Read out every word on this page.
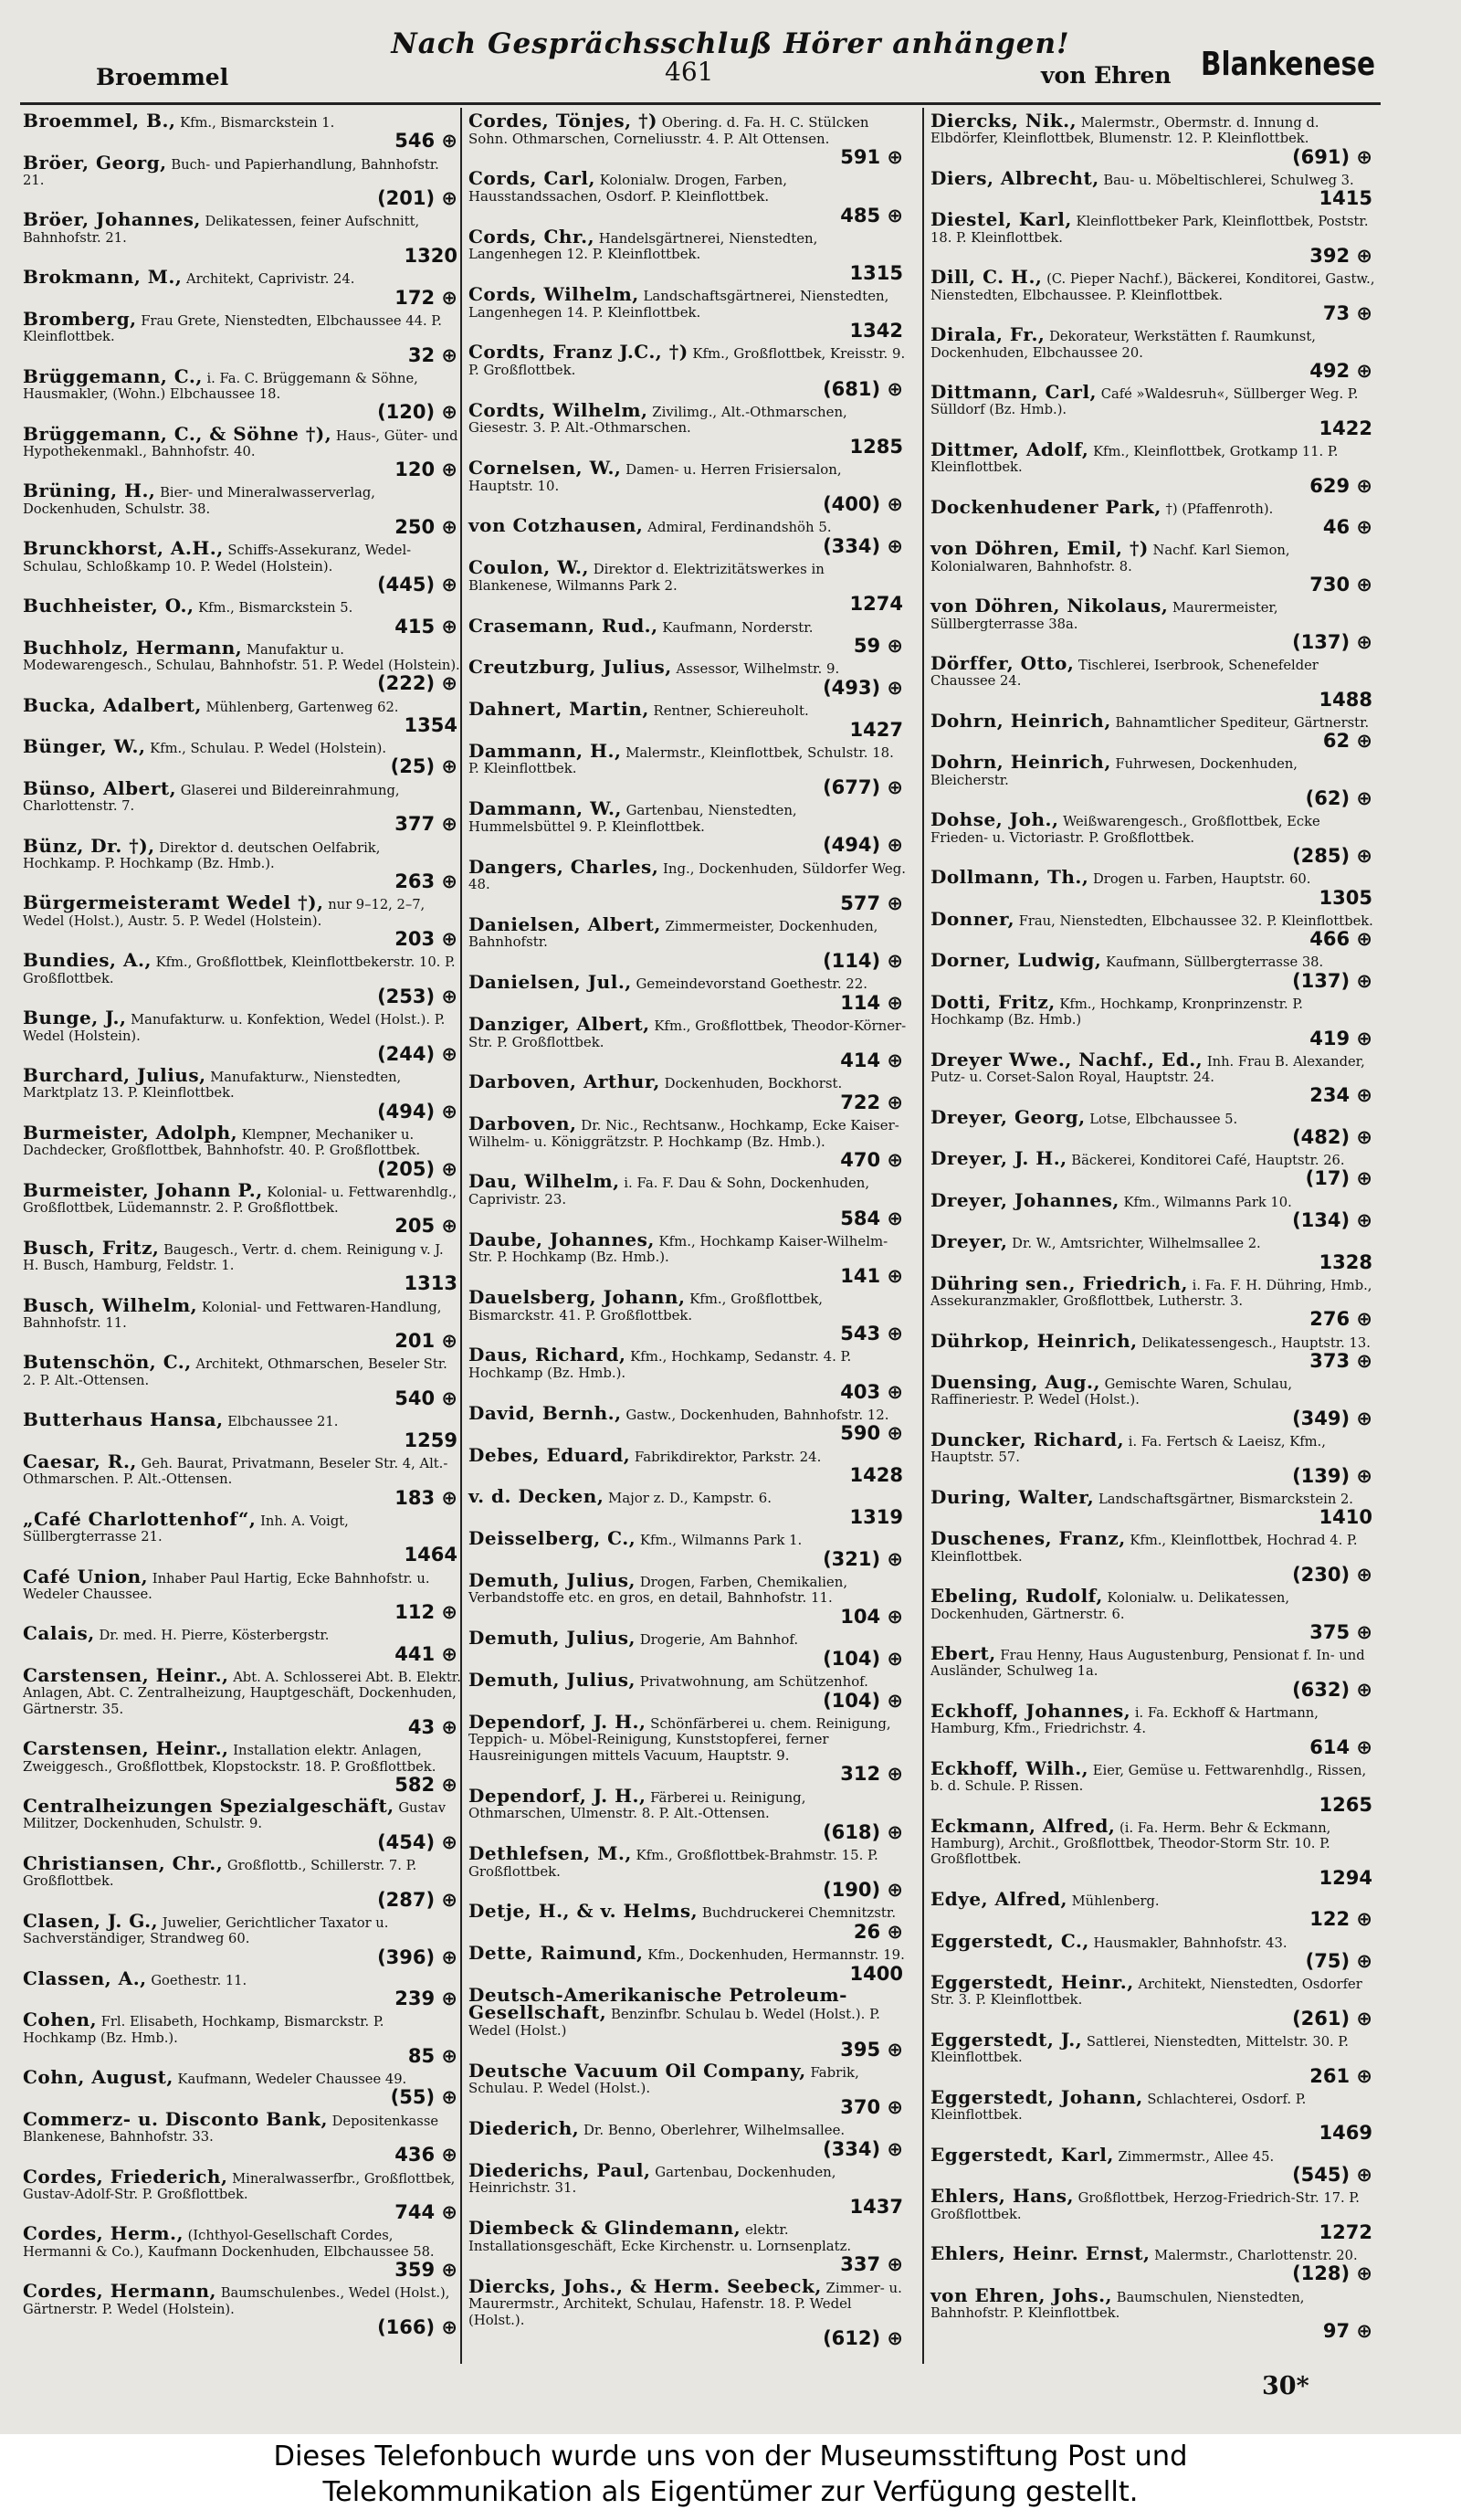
Nach Gesprächsschluß Hörer anhängen!
Broemmel	461	von Ehren Blankenese
Broemmel, B., Kfm., Bismarckstein 1.
546 ⊕
Bröer, Georg, Buch- und Papierhandlung, Bahnhofstr. 21.
(201) ⊕
Bröer, Johannes, Delikatessen, feiner Aufschnitt, Bahnhofstr. 21.
1320
Brokmann, M., Architekt, Caprivistr. 24.
172 ⊕
Bromberg, Frau Grete, Nienstedten, Elbchaussee 44. P. Kleinflottbek.
32 ⊕
Brüggemann, C., i. Fa. C. Brüggemann & Söhne, Hausmakler, (Wohn.) Elbchaussee 18.
(120) ⊕
Brüggemann, C., & Söhne †), Haus-, Güter- und Hypothekenmakl., Bahnhofstr. 40.
120 ⊕
Brüning, H., Bier- und Mineralwasserverlag, Dockenhuden, Schulstr. 38.
250 ⊕
Brunckhorst, A.H., Schiffs-Assekuranz, Wedel-Schulau, Schloßkamp 10. P. Wedel (Holstein).
(445) ⊕
Buchheister, O., Kfm., Bismarckstein 5.
415 ⊕
Buchholz, Hermann, Manufaktur u. Modewarengesch., Schulau, Bahnhofstr. 51. P. Wedel (Holstein).
(222) ⊕
Bucka, Adalbert, Mühlenberg, Gartenweg 62.
1354
Bünger, W., Kfm., Schulau. P. Wedel (Holstein).
(25) ⊕
Bünso, Albert, Glaserei und Bildereinrahmung, Charlottenstr. 7.
377 ⊕
Bünz, Dr. †), Direktor d. deutschen Oelfabrik, Hochkamp. P. Hochkamp (Bz. Hmb.).
263 ⊕
Bürgermeisteramt Wedel †), nur 9–12, 2–7, Wedel (Holst.), Austr. 5. P. Wedel (Holstein).
203 ⊕
Bundies, A., Kfm., Großflottbek, Kleinflottbekerstr. 10. P. Großflottbek.
(253) ⊕
Bunge, J., Manufakturw. u. Konfektion, Wedel (Holst.). P. Wedel (Holstein).
(244) ⊕
Burchard, Julius, Manufakturw., Nienstedten, Marktplatz 13. P. Kleinflottbek.
(494) ⊕
Burmeister, Adolph, Klempner, Mechaniker u. Dachdecker, Großflottbek, Bahnhofstr. 40. P. Großflottbek.
(205) ⊕
Burmeister, Johann P., Kolonial- u. Fettwarenhdlg., Großflottbek, Lüdemannstr. 2. P. Großflottbek.
205 ⊕
Busch, Fritz, Baugesch., Vertr. d. chem. Reinigung v. J. H. Busch, Hamburg, Feldstr. 1.
1313
Busch, Wilhelm, Kolonial- und Fettwaren-Handlung, Bahnhofstr. 11.
201 ⊕
Butenschön, C., Architekt, Othmarschen, Beseler Str. 2. P. Alt.-Ottensen.
540 ⊕
Butterhaus Hansa, Elbchaussee 21.
1259
Caesar, R., Geh. Baurat, Privatmann, Beseler Str. 4, Alt.-Othmarschen. P. Alt.-Ottensen.
183 ⊕
„Café Charlottenhof“, Inh. A. Voigt, Süllbergterrasse 21.
1464
Café Union, Inhaber Paul Hartig, Ecke Bahnhofstr. u. Wedeler Chaussee.
112 ⊕
Calais, Dr. med. H. Pierre, Kösterbergstr.
441 ⊕
Carstensen, Heinr., Abt. A. Schlosserei Abt. B. Elektr. Anlagen, Abt. C. Zentralheizung, Hauptgeschäft, Dockenhuden, Gärtnerstr. 35.
43 ⊕
Carstensen, Heinr., Installation elektr. Anlagen, Zweiggesch., Großflottbek, Klopstockstr. 18. P. Großflottbek.
582 ⊕
Centralheizungen Spezialgeschäft, Gustav Militzer, Dockenhuden, Schulstr. 9.
(454) ⊕
Christiansen, Chr., Großflottb., Schillerstr. 7. P. Großflottbek.
(287) ⊕
Clasen, J. G., Juwelier, Gerichtlicher Taxator u. Sachverständiger, Strandweg 60.
(396) ⊕
Classen, A., Goethestr. 11.
239 ⊕
Cohen, Frl. Elisabeth, Hochkamp, Bismarckstr. P. Hochkamp (Bz. Hmb.).
85 ⊕
Cohn, August, Kaufmann, Wedeler Chaussee 49.
(55) ⊕
Commerz- u. Disconto Bank, Depositenkasse Blankenese, Bahnhofstr. 33.
436 ⊕
Cordes, Friederich, Mineralwasserfbr., Großflottbek, Gustav-Adolf-Str. P. Großflottbek.
744 ⊕
Cordes, Herm., (Ichthyol-Gesellschaft Cordes, Hermanni & Co.), Kaufmann Dockenhuden, Elbchaussee 58.
359 ⊕
Cordes, Hermann, Baumschulenbes., Wedel (Holst.), Gärtnerstr. P. Wedel (Holstein).
(166) ⊕
Cordes, Tönjes, †) Obering. d. Fa. H. C. Stülcken Sohn. Othmarschen, Corneliusstr. 4. P. Alt Ottensen.
591 ⊕
Cords, Carl, Kolonialw. Drogen, Farben, Hausstandssachen, Osdorf. P. Kleinflottbek.
485 ⊕
Cords, Chr., Handelsgärtnerei, Nienstedten, Langenhegen 12. P. Kleinflottbek.
1315
Cords, Wilhelm, Landschaftsgärtnerei, Nienstedten, Langenhegen 14. P. Kleinflottbek.
1342
Cordts, Franz J.C., †) Kfm., Großflottbek, Kreisstr. 9. P. Großflottbek.
(681) ⊕
Cordts, Wilhelm, Zivilimg., Alt.-Othmarschen, Giesestr. 3. P. Alt.-Othmarschen.
1285
Cornelsen, W., Damen- u. Herren Frisiersalon, Hauptstr. 10.
(400) ⊕
von Cotzhausen, Admiral, Ferdinandshöh 5.
(334) ⊕
Coulon, W., Direktor d. Elektrizitätswerkes in Blankenese, Wilmanns Park 2.
1274
Crasemann, Rud., Kaufmann, Norderstr.
59 ⊕
Creutzburg, Julius, Assessor, Wilhelmstr. 9.
(493) ⊕
Dahnert, Martin, Rentner, Schiereuholt.
1427
Dammann, H., Malermstr., Kleinflottbek, Schulstr. 18. P. Kleinflottbek.
(677) ⊕
Dammann, W., Gartenbau, Nienstedten, Hummelsbüttel 9. P. Kleinflottbek.
(494) ⊕
Dangers, Charles, Ing., Dockenhuden, Süldorfer Weg. 48.
577 ⊕
Danielsen, Albert, Zimmermeister, Dockenhuden, Bahnhofstr.
(114) ⊕
Danielsen, Jul., Gemeindevorstand Goethestr. 22.
114 ⊕
Danziger, Albert, Kfm., Großflottbek, Theodor-Körner-Str. P. Großflottbek.
414 ⊕
Darboven, Arthur, Dockenhuden, Bockhorst.
722 ⊕
Darboven, Dr. Nic., Rechtsanw., Hochkamp, Ecke Kaiser-Wilhelm- u. Königgrätzstr. P. Hochkamp (Bz. Hmb.).
470 ⊕
Dau, Wilhelm, i. Fa. F. Dau & Sohn, Dockenhuden, Caprivistr. 23.
584 ⊕
Daube, Johannes, Kfm., Hochkamp Kaiser-Wilhelm-Str. P. Hochkamp (Bz. Hmb.).
141 ⊕
Dauelsberg, Johann, Kfm., Großflottbek, Bismarckstr. 41. P. Großflottbek.
543 ⊕
Daus, Richard, Kfm., Hochkamp, Sedanstr. 4. P. Hochkamp (Bz. Hmb.).
403 ⊕
David, Bernh., Gastw., Dockenhuden, Bahnhofstr. 12.
590 ⊕
Debes, Eduard, Fabrikdirektor, Parkstr. 24.
1428
v. d. Decken, Major z. D., Kampstr. 6.
1319
Deisselberg, C., Kfm., Wilmanns Park 1.
(321) ⊕
Demuth, Julius, Drogen, Farben, Chemikalien, Verbandstoffe etc. en gros, en detail, Bahnhofstr. 11.
104 ⊕
Demuth, Julius, Drogerie, Am Bahnhof.
(104) ⊕
Demuth, Julius, Privatwohnung, am Schützenhof.
(104) ⊕
Dependorf, J. H., Schönfärberei u. chem. Reinigung, Teppich- u. Möbel-Reinigung, Kunststopferei, ferner Hausreinigungen mittels Vacuum, Hauptstr. 9.
312 ⊕
Dependorf, J. H., Färberei u. Reinigung, Othmarschen, Ulmenstr. 8. P. Alt.-Ottensen.
(618) ⊕
Dethlefsen, M., Kfm., Großflottbek-Brahmstr. 15. P. Großflottbek.
(190) ⊕
Detje, H., & v. Helms, Buchdruckerei Chemnitzstr.
26 ⊕
Dette, Raimund, Kfm., Dockenhuden, Hermannstr. 19.
1400
Deutsch-Amerikanische Petroleum-Gesellschaft, Benzinfbr. Schulau b. Wedel (Holst.). P. Wedel (Holst.)
395 ⊕
Deutsche Vacuum Oil Company, Fabrik, Schulau. P. Wedel (Holst.).
370 ⊕
Diederich, Dr. Benno, Oberlehrer, Wilhelmsallee.
(334) ⊕
Diederichs, Paul, Gartenbau, Dockenhuden, Heinrichstr. 31.
1437
Diembeck & Glindemann, elektr. Installationsgeschäft, Ecke Kirchenstr. u. Lornsenplatz.
337 ⊕
Diercks, Johs., & Herm. Seebeck, Zimmer- u. Maurermstr., Architekt, Schulau, Hafenstr. 18. P. Wedel (Holst.).
(612) ⊕
Diercks, Nik., Malermstr., Obermstr. d. Innung d. Elbdörfer, Kleinflottbek, Blumenstr. 12. P. Kleinflottbek.
(691) ⊕
Diers, Albrecht, Bau- u. Möbeltischlerei, Schulweg 3.
1415
Diestel, Karl, Kleinflottbeker Park, Kleinflottbek, Poststr. 18. P. Kleinflottbek.
392 ⊕
Dill, C. H., (C. Pieper Nachf.), Bäckerei, Konditorei, Gastw., Nienstedten, Elbchaussee. P. Kleinflottbek.
73 ⊕
Dirala, Fr., Dekorateur, Werkstätten f. Raumkunst, Dockenhuden, Elbchaussee 20.
492 ⊕
Dittmann, Carl, Café »Waldesruh«, Süllberger Weg. P. Sülldorf (Bz. Hmb.).
1422
Dittmer, Adolf, Kfm., Kleinflottbek, Grotkamp 11. P. Kleinflottbek.
629 ⊕
Dockenhudener Park, †) (Pfaffenroth).
46 ⊕
von Döhren, Emil, †) Nachf. Karl Siemon, Kolonialwaren, Bahnhofstr. 8.
730 ⊕
von Döhren, Nikolaus, Maurermeister, Süllbergterrasse 38a.
(137) ⊕
Dörffer, Otto, Tischlerei, Iserbrook, Schenefelder Chaussee 24.
1488
Dohrn, Heinrich, Bahnamtlicher Spediteur, Gärtnerstr.
62 ⊕
Dohrn, Heinrich, Fuhrwesen, Dockenhuden, Bleicherstr.
(62) ⊕
Dohse, Joh., Weißwarengesch., Großflottbek, Ecke Frieden- u. Victoriastr. P. Großflottbek.
(285) ⊕
Dollmann, Th., Drogen u. Farben, Hauptstr. 60.
1305
Donner, Frau, Nienstedten, Elbchaussee 32. P. Kleinflottbek.
466 ⊕
Dorner, Ludwig, Kaufmann, Süllbergterrasse 38.
(137) ⊕
Dotti, Fritz, Kfm., Hochkamp, Kronprinzenstr. P. Hochkamp (Bz. Hmb.)
419 ⊕
Dreyer Wwe., Nachf., Ed., Inh. Frau B. Alexander, Putz- u. Corset-Salon Royal, Hauptstr. 24.
234 ⊕
Dreyer, Georg, Lotse, Elbchaussee 5.
(482) ⊕
Dreyer, J. H., Bäckerei, Konditorei Café, Hauptstr. 26.
(17) ⊕
Dreyer, Johannes, Kfm., Wilmanns Park 10.
(134) ⊕
Dreyer, Dr. W., Amtsrichter, Wilhelmsallee 2.
1328
Dühring sen., Friedrich, i. Fa. F. H. Dühring, Hmb., Assekuranzmakler, Großflottbek, Lutherstr. 3.
276 ⊕
Dührkop, Heinrich, Delikatessengesch., Hauptstr. 13.
373 ⊕
Duensing, Aug., Gemischte Waren, Schulau, Raffineriestr. P. Wedel (Holst.).
(349) ⊕
Duncker, Richard, i. Fa. Fertsch & Laeisz, Kfm., Hauptstr. 57.
(139) ⊕
During, Walter, Landschaftsgärtner, Bismarckstein 2.
1410
Duschenes, Franz, Kfm., Kleinflottbek, Hochrad 4. P. Kleinflottbek.
(230) ⊕
Ebeling, Rudolf, Kolonialw. u. Delikatessen, Dockenhuden, Gärtnerstr. 6.
375 ⊕
Ebert, Frau Henny, Haus Augustenburg, Pensionat f. In- und Ausländer, Schulweg 1a.
(632) ⊕
Eckhoff, Johannes, i. Fa. Eckhoff & Hartmann, Hamburg, Kfm., Friedrichstr. 4.
614 ⊕
Eckhoff, Wilh., Eier, Gemüse u. Fettwarenhdlg., Rissen, b. d. Schule. P. Rissen.
1265
Eckmann, Alfred, (i. Fa. Herm. Behr & Eckmann, Hamburg), Archit., Großflottbek, Theodor-Storm Str. 10. P. Großflottbek.
1294
Edye, Alfred, Mühlenberg.
122 ⊕
Eggerstedt, C., Hausmakler, Bahnhofstr. 43.
(75) ⊕
Eggerstedt, Heinr., Architekt, Nienstedten, Osdorfer Str. 3. P. Kleinflottbek.
(261) ⊕
Eggerstedt, J., Sattlerei, Nienstedten, Mittelstr. 30. P. Kleinflottbek.
261 ⊕
Eggerstedt, Johann, Schlachterei, Osdorf. P. Kleinflottbek.
1469
Eggerstedt, Karl, Zimmermstr., Allee 45.
(545) ⊕
Ehlers, Hans, Großflottbek, Herzog-Friedrich-Str. 17. P. Großflottbek.
1272
Ehlers, Heinr. Ernst, Malermstr., Charlottenstr. 20.
(128) ⊕
von Ehren, Johs., Baumschulen, Nienstedten, Bahnhofstr. P. Kleinflottbek.
97 ⊕
30*
Dieses Telefonbuch wurde uns von der Museumsstiftung Post und
Telekommunikation als Eigentümer zur Verfügung gestellt.
